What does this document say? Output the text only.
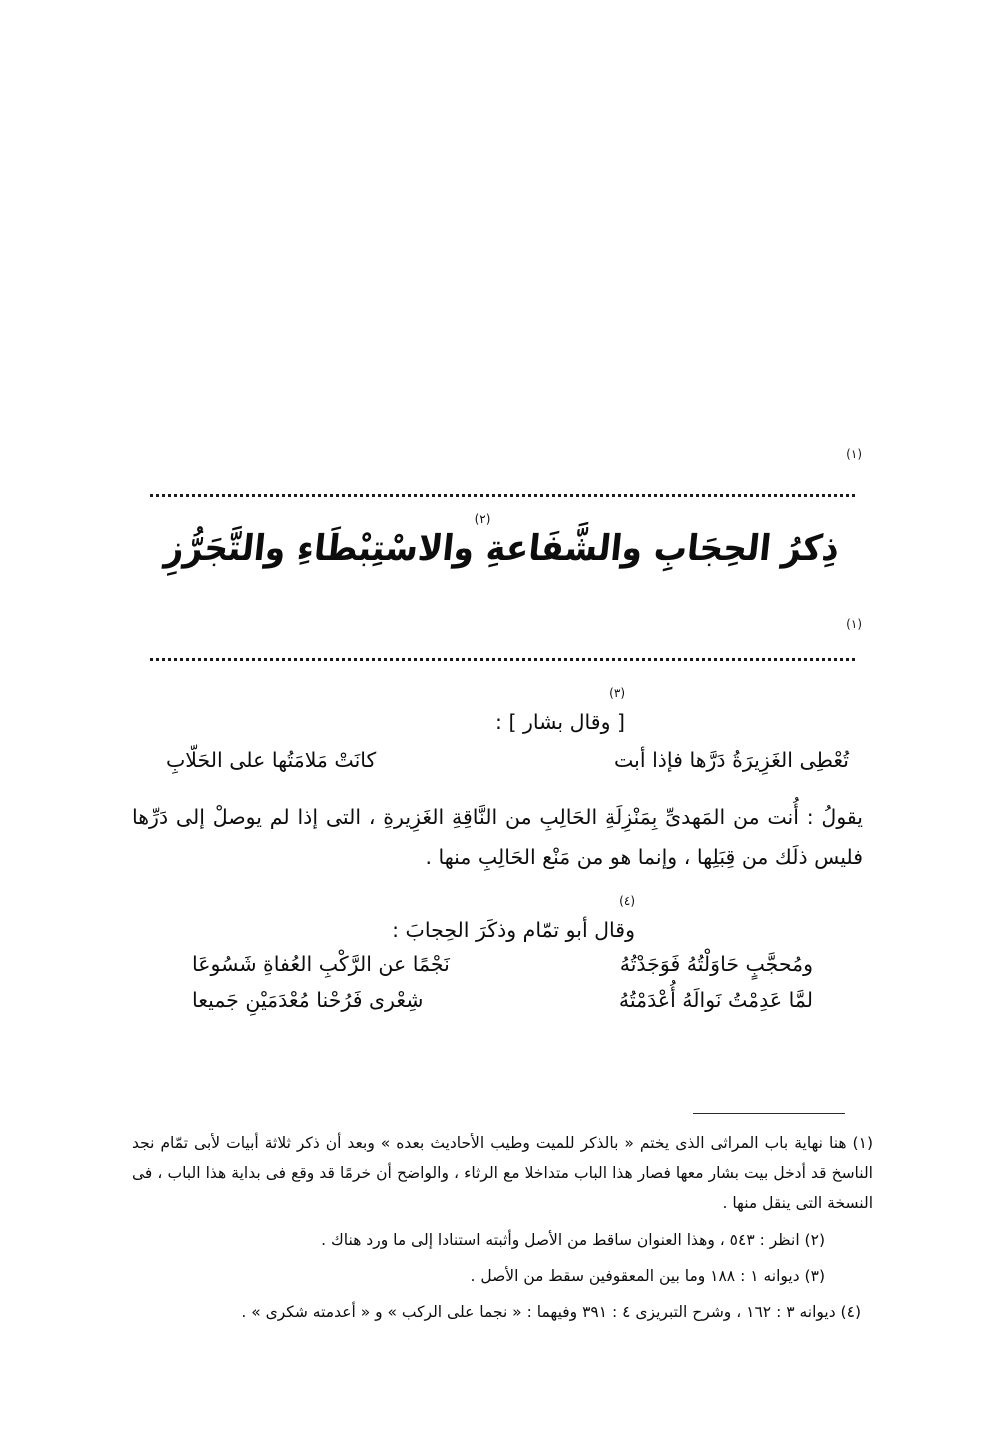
(١)
(٢)
ذِكرُ الحِجَابِ والشَّفَاعةِ والاسْتِبْطَاءِ والتَّجَرُّزِ
(١)
$^{(٣)}$
[ وقال بشار ] :
تُعْطِى الغَزِيرَةُ دَرَّها فإذا أبت
كانَتْ مَلامَتُها على الحَلّابِ

يقولُ : أُنت من المَهدىِّ بِمَنْزِلَةِ الحَالِبِ من النَّاقِةِ الغَزِيرةِ ، التى إذا لم يوصلْ إلى دَرِّها فليس ذلَك من قِبَلِها ، وإنما هو من مَنْع الحَالِبِ منها .

$^{(٤)}$
وقال أبو تمّام وذكَرَ الحِجابَ :
ومُحجَّبٍ حَاوَلْتُهُ فَوَجَدْتُهُ
نَجْمًا عن الرَّكْبِ العُفاةِ شَسُوعَا
لمَّا عَدِمْتُ نَوالَهُ أُعْدَمْتُهُ
شِعْرى فَرُحْنا مُعْدَمَيْنِ جَميعا

(١) هنا نهاية باب المراثى الذى يختم « بالذكر للميت وطيب الأحاديث بعده » وبعد أن ذكر ثلاثة أبيات لأبى تمّام نجد الناسخ قد أدخل بيت بشار معها فصار هذا الباب متداخلا مع الرثاء ، والواضح أن خرمًا قد وقع فى بداية هذا الباب ، فى النسخة التى ينقل منها .

(٢) انظر : ٥٤٣ ، وهذا العنوان ساقط من الأصل وأثبته استنادا إلى ما ورد هناك .

(٣) ديوانه ١ : ١٨٨ وما بين المعقوفين سقط من الأصل .

(٤) ديوانه ٣ : ١٦٢ ، وشرح التبريزى ٤ : ٣٩١ وفيهما : « نجما على الركب » و « أعدمته شكرى » .
